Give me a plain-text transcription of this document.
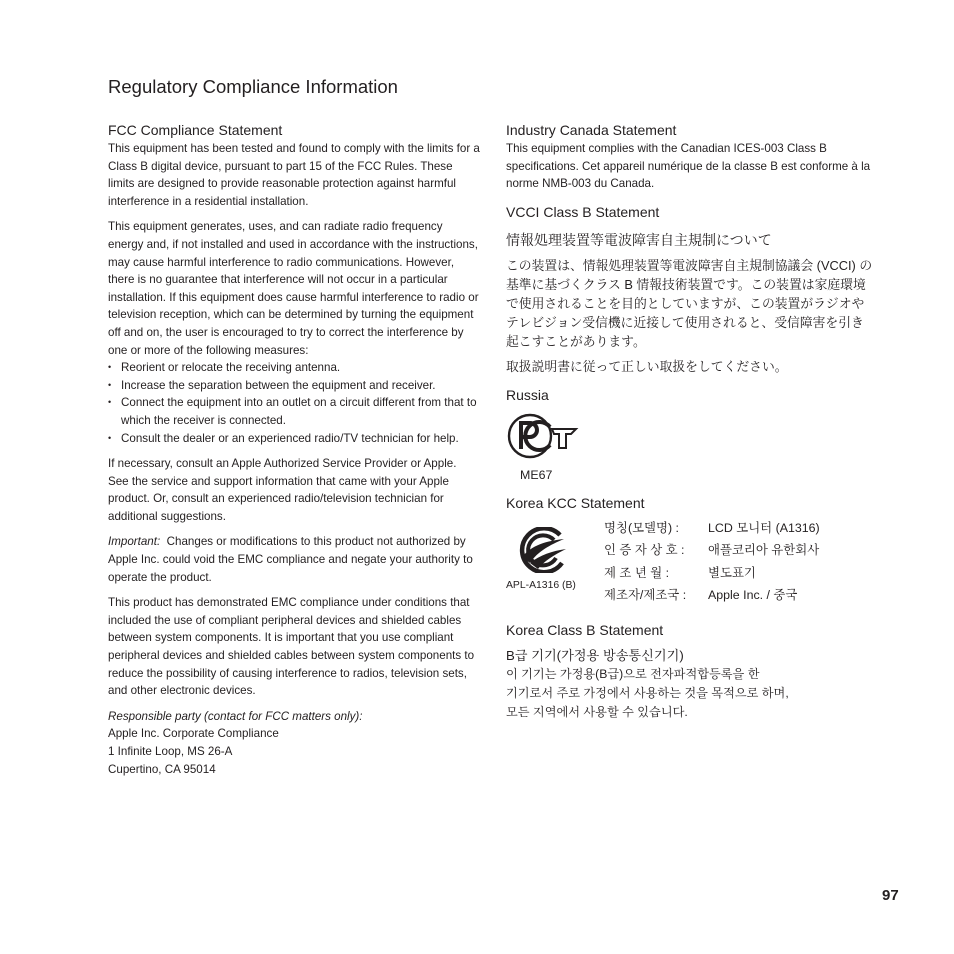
Regulatory Compliance Information
FCC Compliance Statement

This equipment has been tested and found to comply with the limits for a Class B digital device, pursuant to part 15 of the FCC Rules. These limits are designed to provide reasonable protection against harmful interference in a residential installation.

This equipment generates, uses, and can radiate radio frequency energy and, if not installed and used in accordance with the instructions, may cause harmful interference to radio communications. However, there is no guarantee that interference will not occur in a particular installation. If this equipment does cause harmful interference to radio or television reception, which can be determined by turning the equipment off and on, the user is encouraged to try to correct the interference by one or more of the following measures:

• Reorient or relocate the receiving antenna.
• Increase the separation between the equipment and receiver.
• Connect the equipment into an outlet on a circuit different from that to which the receiver is connected.
• Consult the dealer or an experienced radio/TV technician for help.

If necessary, consult an Apple Authorized Service Provider or Apple. See the service and support information that came with your Apple product. Or, consult an experienced radio/television technician for additional suggestions.

Important: Changes or modifications to this product not authorized by Apple Inc. could void the EMC compliance and negate your authority to operate the product.

This product has demonstrated EMC compliance under conditions that included the use of compliant peripheral devices and shielded cables between system components. It is important that you use compliant peripheral devices and shielded cables between system components to reduce the possibility of causing interference to radios, television sets, and other electronic devices.

Responsible party (contact for FCC matters only):

Apple Inc. Corporate Compliance

1 Infinite Loop, MS 26-A

Cupertino, CA 95014

Industry Canada Statement

This equipment complies with the Canadian ICES-003 Class B specifications. Cet appareil numérique de la classe B est conforme à la norme NMB-003 du Canada.

VCCI Class B Statement

情報処理装置等電波障害自主規制について

この装置は、情報処理装置等電波障害自主規制協議会 (VCCI) の基準に基づくクラス B 情報技術装置です。この装置は家庭環境で使用されることを目的としていますが、この装置がラジオやテレビジョン受信機に近接して使用されると、受信障害を引き起こすことがあります。

取扱説明書に従って正しい取扱をしてください。

Russia

ME67

Korea KCC Statement

APL-A1316 (B)

명칭(모델명) :	LCD 모니터 (A1316)
인 증 자 상 호 :	애플코리아 유한회사
제 조 년 월 :	별도표기
제조자/제조국 :	Apple Inc. / 중국
Korea Class B Statement

B급 기기(가정용 방송통신기기)

이 기기는 가정용(B급)으로 전자파적합등록을 한

기기로서 주로 가정에서 사용하는 것을 목적으로 하며,

모든 지역에서 사용할 수 있습니다.

97
